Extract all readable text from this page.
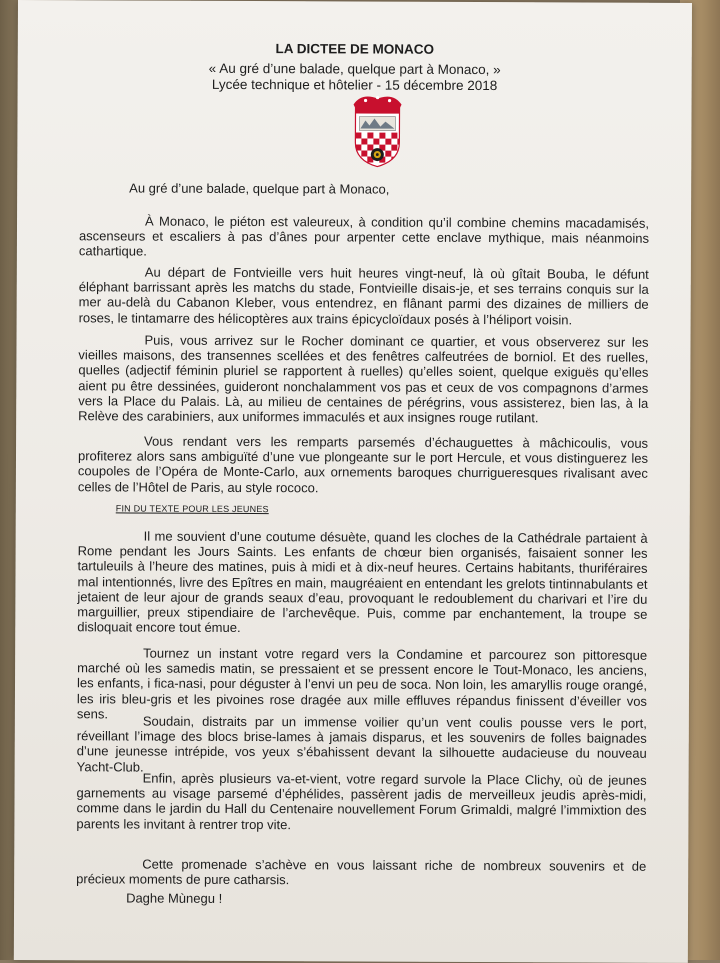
LA DICTEE DE MONACO
« Au gré d’une balade, quelque part à Monaco, »
Lycée technique et hôtelier - 15 décembre 2018
Au gré d’une balade, quelque part à Monaco,

À Monaco, le piéton est valeureux, à condition qu’il combine chemins macadamisés, ascenseurs et escaliers à pas d’ânes pour arpenter cette enclave mythique, mais néanmoins cathartique.

Au départ de Fontvieille vers huit heures vingt-neuf, là où gîtait Bouba, le défunt éléphant barrissant après les matchs du stade, Fontvieille disais-je, et ses terrains conquis sur la mer au-delà du Cabanon Kleber, vous entendrez, en flânant parmi des dizaines de milliers de roses, le tintamarre des hélicoptères aux trains épicycloïdaux posés à l’héliport voisin.

Puis, vous arrivez sur le Rocher dominant ce quartier, et vous observerez sur les vieilles maisons, des transennes scellées et des fenêtres calfeutrées de borniol. Et des ruelles, quelles (adjectif féminin pluriel se rapportent à ruelles) qu’elles soient, quelque exiguës qu’elles aient pu être dessinées, guideront nonchalamment vos pas et ceux de vos compagnons d’armes vers la Place du Palais. Là, au milieu de centaines de pérégrins, vous assisterez, bien las, à la Relève des carabiniers, aux uniformes immaculés et aux insignes rouge rutilant.

Vous rendant vers les remparts parsemés d’échauguettes à mâchicoulis, vous profiterez alors sans ambiguïté d’une vue plongeante sur le port Hercule, et vous distinguerez les coupoles de l’Opéra de Monte-Carlo, aux ornements baroques churrigueresques rivalisant avec celles de l’Hôtel de Paris, au style rococo.

FIN DU TEXTE POUR LES JEUNES

Il me souvient d’une coutume désuète, quand les cloches de la Cathédrale partaient à Rome pendant les Jours Saints. Les enfants de chœur bien organisés, faisaient sonner les tartuleuils à l’heure des matines, puis à midi et à dix-neuf heures. Certains habitants, thuriféraires mal intentionnés, livre des Epîtres en main, maugréaient en entendant les grelots tintinnabulants et jetaient de leur ajour de grands seaux d’eau, provoquant le redoublement du charivari et l’ire du marguillier, preux stipendiaire de l’archevêque. Puis, comme par enchantement, la troupe se disloquait encore tout émue.

Tournez un instant votre regard vers la Condamine et parcourez son pittoresque marché où les samedis matin, se pressaient et se pressent encore le Tout-Monaco, les anciens, les enfants, i fica-nasi, pour déguster à l’envi un peu de soca. Non loin, les amaryllis rouge orangé, les iris bleu-gris et les pivoines rose dragée aux mille effluves répandus finissent d’éveiller vos sens.	Soudain, distraits par un immense voilier qu’un vent coulis pousse vers le port, réveillant l’image des blocs brise-lames à jamais disparus, et les souvenirs de folles baignades d’une jeunesse intrépide, vos yeux s’ébahissent devant la silhouette audacieuse du nouveau Yacht-Club.

Enfin, après plusieurs va-et-vient, votre regard survole la Place Clichy, où de jeunes garnements au visage parsemé d’éphélides, passèrent jadis de merveilleux jeudis après-midi, comme dans le jardin du Hall du Centenaire nouvellement Forum Grimaldi, malgré l’immixtion des parents les invitant à rentrer trop vite.

Cette promenade s’achève en vous laissant riche de nombreux souvenirs et de précieux moments de pure catharsis.

Daghe Mùnegu !
